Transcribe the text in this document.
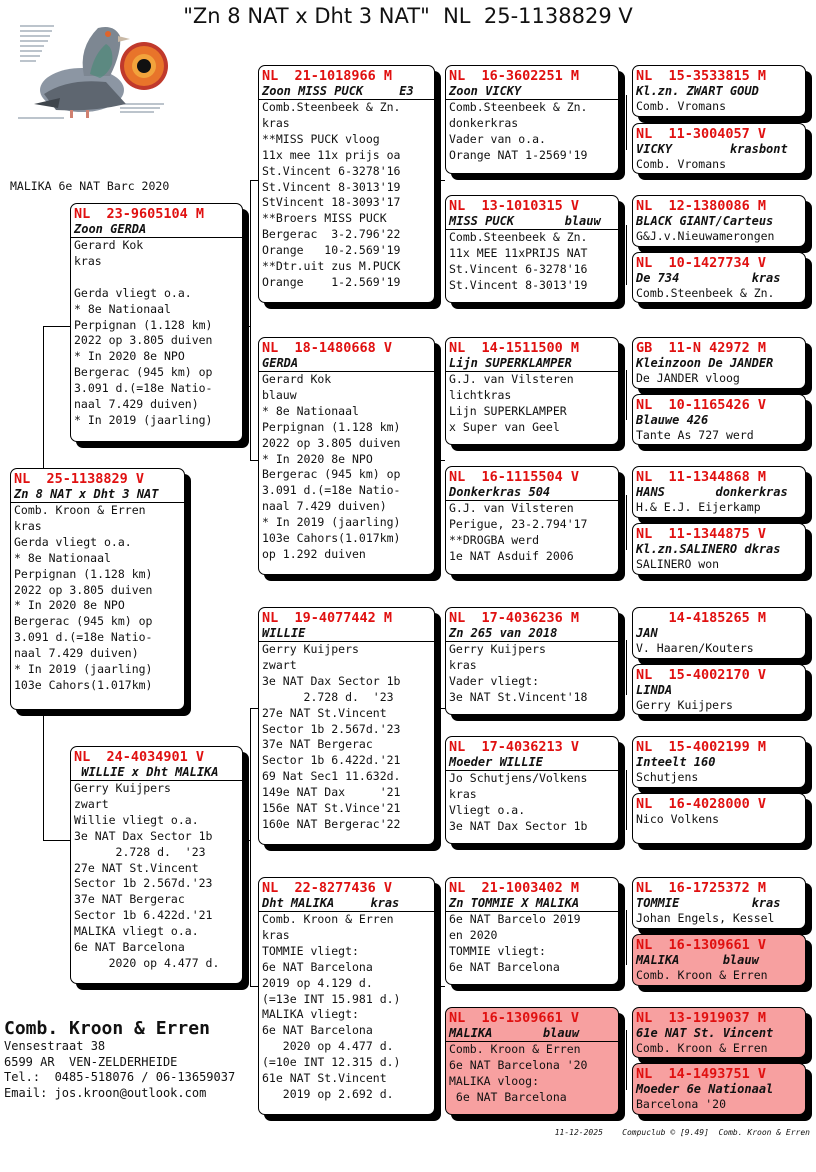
"Zn 8 NAT x Dht 3 NAT"  NL  25-1138829 V
MALIKA 6e NAT Barc 2020
NL  25-1138829 V
Zn 8 NAT x Dht 3 NAT
Comb. Kroon & Erren
kras
Gerda vliegt o.a.
* 8e Nationaal
Perpignan (1.128 km)
2022 op 3.805 duiven
* In 2020 8e NPO
Bergerac (945 km) op
3.091 d.(=18e Natio-
naal 7.429 duiven)
* In 2019 (jaarling)
103e Cahors(1.017km)
NL  23-9605104 M
Zoon GERDA
Gerard Kok
kras

Gerda vliegt o.a.
* 8e Nationaal
Perpignan (1.128 km)
2022 op 3.805 duiven
* In 2020 8e NPO
Bergerac (945 km) op
3.091 d.(=18e Natio-
naal 7.429 duiven)
* In 2019 (jaarling)
NL  24-4034901 V
WILLIE x Dht MALIKA
Gerry Kuijpers
zwart
Willie vliegt o.a.
3e NAT Dax Sector 1b
2.728 d.  '23
27e NAT St.Vincent
Sector 1b 2.567d.'23
37e NAT Bergerac
Sector 1b 6.422d.'21
MALIKA vliegt o.a.
6e NAT Barcelona
2020 op 4.477 d.
NL  21-1018966 M
Zoon MISS PUCK     E3
Comb.Steenbeek & Zn.
kras
**MISS PUCK vloog
11x mee 11x prijs oa
St.Vincent 6-3278'16
St.Vincent 8-3013'19
StVincent 18-3093'17
**Broers MISS PUCK
Bergerac  3-2.796'22
Orange   10-2.569'19
**Dtr.uit zus M.PUCK
Orange    1-2.569'19
NL  18-1480668 V
GERDA
Gerard Kok
blauw
* 8e Nationaal
Perpignan (1.128 km)
2022 op 3.805 duiven
* In 2020 8e NPO
Bergerac (945 km) op
3.091 d.(=18e Natio-
naal 7.429 duiven)
* In 2019 (jaarling)
103e Cahors(1.017km)
op 1.292 duiven
NL  19-4077442 M
WILLIE
Gerry Kuijpers
zwart
3e NAT Dax Sector 1b
2.728 d.  '23
27e NAT St.Vincent
Sector 1b 2.567d.'23
37e NAT Bergerac
Sector 1b 6.422d.'21
69 Nat Sec1 11.632d.
149e NAT Dax     '21
156e NAT St.Vince'21
160e NAT Bergerac'22
NL  22-8277436 V
Dht MALIKA     kras
Comb. Kroon & Erren
kras
TOMMIE vliegt:
6e NAT Barcelona
2019 op 4.129 d.
(=13e INT 15.981 d.)
MALIKA vliegt:
6e NAT Barcelona
2020 op 4.477 d.
(=10e INT 12.315 d.)
61e NAT St.Vincent
2019 op 2.692 d.
NL  16-3602251 M
Zoon VICKY
Comb.Steenbeek & Zn.
donkerkras
Vader van o.a.
Orange NAT 1-2569'19
NL  13-1010315 V
MISS PUCK       blauw
Comb.Steenbeek & Zn.
11x MEE 11xPRIJS NAT
St.Vincent 6-3278'16
St.Vincent 8-3013'19
NL  14-1511500 M
Lijn SUPERKLAMPER
G.J. van Vilsteren
lichtkras
Lijn SUPERKLAMPER
x Super van Geel
NL  16-1115504 V
Donkerkras 504
G.J. van Vilsteren
Perigue, 23-2.794'17
**DROGBA werd
1e NAT Asduif 2006
NL  17-4036236 M
Zn 265 van 2018
Gerry Kuijpers
kras
Vader vliegt:
3e NAT St.Vincent'18
NL  17-4036213 V
Moeder WILLIE
Jo Schutjens/Volkens
kras
Vliegt o.a.
3e NAT Dax Sector 1b
NL  21-1003402 M
Zn TOMMIE X MALIKA
6e NAT Barcelo 2019
en 2020
TOMMIE vliegt:
6e NAT Barcelona
NL  16-1309661 V
MALIKA       blauw
Comb. Kroon & Erren
6e NAT Barcelona '20
MALIKA vloog:
6e NAT Barcelona
NL  15-3533815 M
Kl.zn. ZWART GOUD
Comb. Vromans
NL  11-3004057 V
VICKY        krasbont
Comb. Vromans
NL  12-1380086 M
BLACK GIANT/Carteus
G&J.v.Nieuwamerongen
NL  10-1427734 V
De 734          kras
Comb.Steenbeek & Zn.
GB  11-N 42972 M
Kleinzoon De JANDER
De JANDER vloog
NL  10-1165426 V
Blauwe 426
Tante As 727 werd
NL  11-1344868 M
HANS       donkerkras
H.& E.J. Eijerkamp
NL  11-1344875 V
Kl.zn.SALINERO dkras
SALINERO won
14-4185265 M
JAN
V. Haaren/Kouters
NL  15-4002170 V
LINDA
Gerry Kuijpers
NL  15-4002199 M
Inteelt 160
Schutjens
NL  16-4028000 V
Nico Volkens
NL  16-1725372 M
TOMMIE          kras
Johan Engels, Kessel
NL  16-1309661 V
MALIKA      blauw
Comb. Kroon & Erren
NL  13-1919037 M
61e NAT St. Vincent
Comb. Kroon & Erren
NL  14-1493751 V
Moeder 6e Nationaal
Barcelona '20
Comb. Kroon & Erren
Vensestraat 38
6599 AR  VEN-ZELDERHEIDE
Tel.:  0485-518076 / 06-13659037
Email: jos.kroon@outlook.com
11-12-2025    Compuclub © [9.49]  Comb. Kroon & Erren
